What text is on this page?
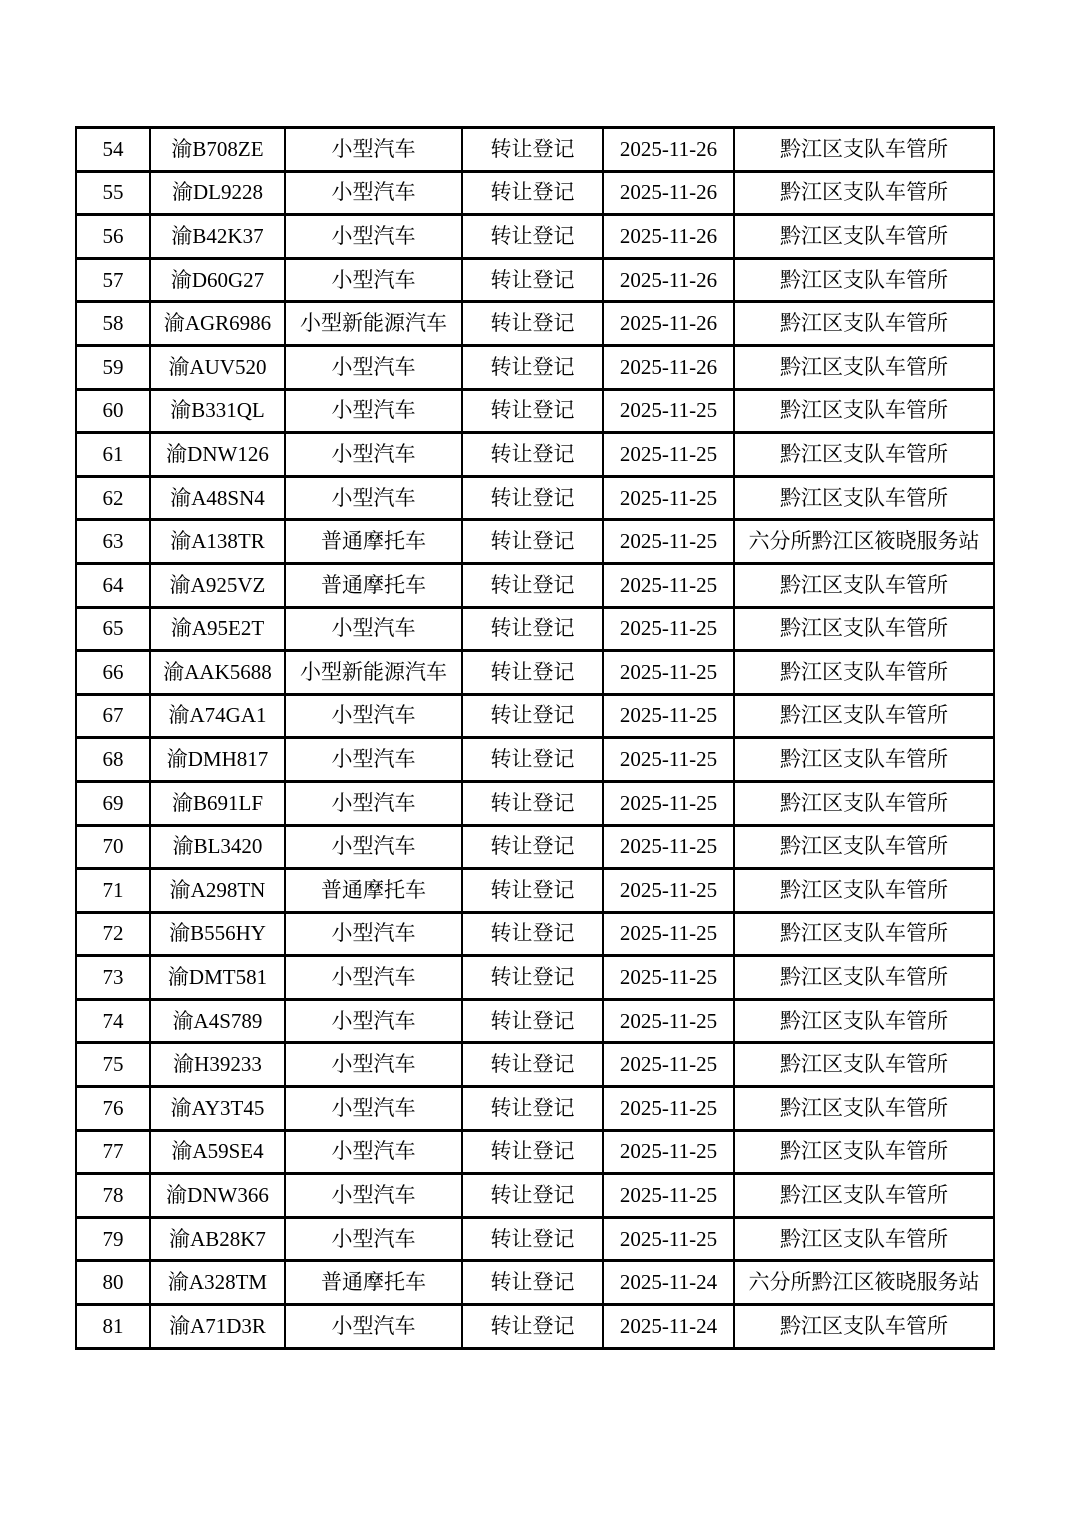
54	渝B708ZE	小型汽车	转让登记	2025-11-26	黔江区支队车管所
55	渝DL9228	小型汽车	转让登记	2025-11-26	黔江区支队车管所
56	渝B42K37	小型汽车	转让登记	2025-11-26	黔江区支队车管所
57	渝D60G27	小型汽车	转让登记	2025-11-26	黔江区支队车管所
58	渝AGR6986	小型新能源汽车	转让登记	2025-11-26	黔江区支队车管所
59	渝AUV520	小型汽车	转让登记	2025-11-26	黔江区支队车管所
60	渝B331QL	小型汽车	转让登记	2025-11-25	黔江区支队车管所
61	渝DNW126	小型汽车	转让登记	2025-11-25	黔江区支队车管所
62	渝A48SN4	小型汽车	转让登记	2025-11-25	黔江区支队车管所
63	渝A138TR	普通摩托车	转让登记	2025-11-25	六分所黔江区筱晓服务站
64	渝A925VZ	普通摩托车	转让登记	2025-11-25	黔江区支队车管所
65	渝A95E2T	小型汽车	转让登记	2025-11-25	黔江区支队车管所
66	渝AAK5688	小型新能源汽车	转让登记	2025-11-25	黔江区支队车管所
67	渝A74GA1	小型汽车	转让登记	2025-11-25	黔江区支队车管所
68	渝DMH817	小型汽车	转让登记	2025-11-25	黔江区支队车管所
69	渝B691LF	小型汽车	转让登记	2025-11-25	黔江区支队车管所
70	渝BL3420	小型汽车	转让登记	2025-11-25	黔江区支队车管所
71	渝A298TN	普通摩托车	转让登记	2025-11-25	黔江区支队车管所
72	渝B556HY	小型汽车	转让登记	2025-11-25	黔江区支队车管所
73	渝DMT581	小型汽车	转让登记	2025-11-25	黔江区支队车管所
74	渝A4S789	小型汽车	转让登记	2025-11-25	黔江区支队车管所
75	渝H39233	小型汽车	转让登记	2025-11-25	黔江区支队车管所
76	渝AY3T45	小型汽车	转让登记	2025-11-25	黔江区支队车管所
77	渝A59SE4	小型汽车	转让登记	2025-11-25	黔江区支队车管所
78	渝DNW366	小型汽车	转让登记	2025-11-25	黔江区支队车管所
79	渝AB28K7	小型汽车	转让登记	2025-11-25	黔江区支队车管所
80	渝A328TM	普通摩托车	转让登记	2025-11-24	六分所黔江区筱晓服务站
81	渝A71D3R	小型汽车	转让登记	2025-11-24	黔江区支队车管所
